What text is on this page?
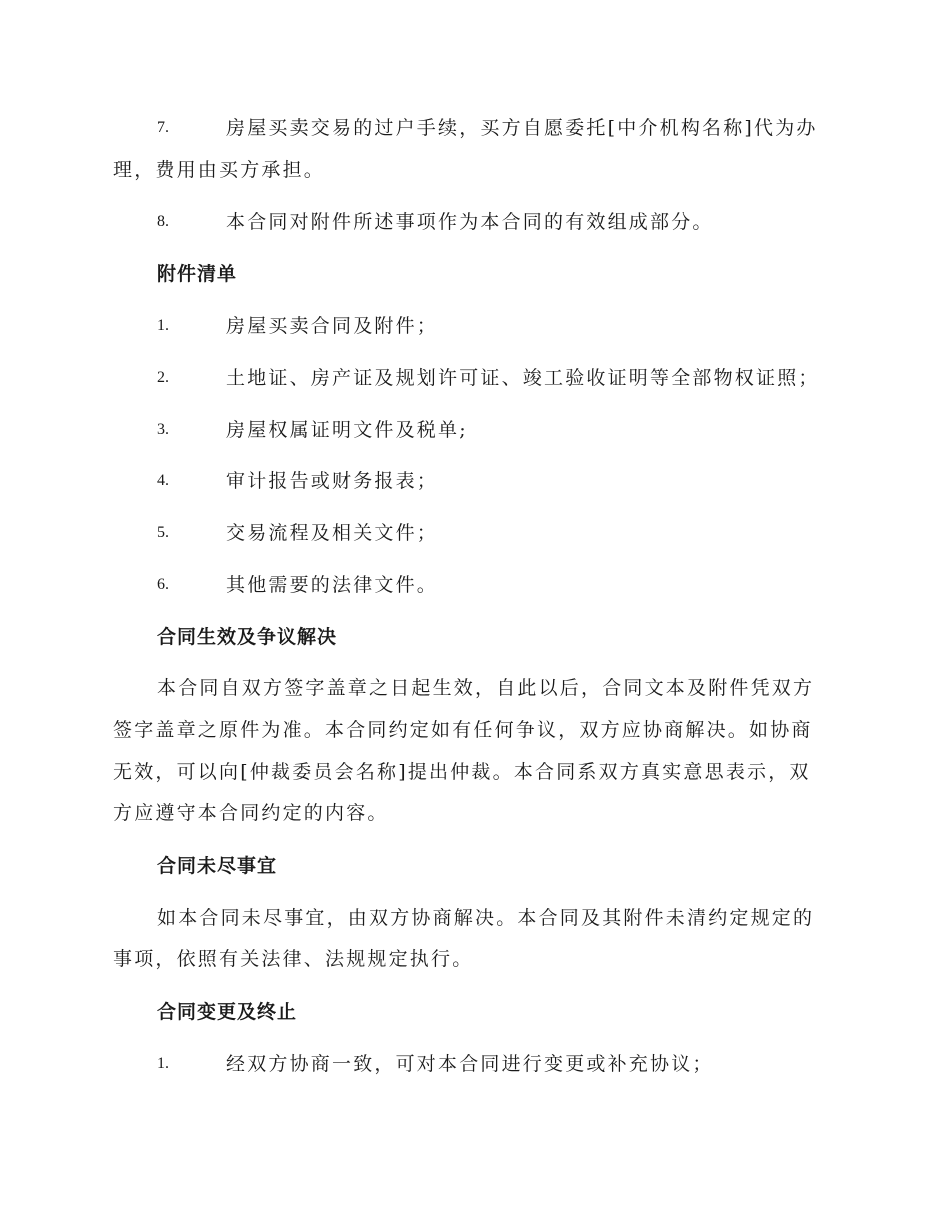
7.	房屋买卖交易的过户手续，买方自愿委托[中介机构名称]代为办
理，费用由买方承担。
8.	本合同对附件所述事项作为本合同的有效组成部分。
附件清单
1.	房屋买卖合同及附件；
2.	土地证、房产证及规划许可证、竣工验收证明等全部物权证照；
3.	房屋权属证明文件及税单;
4.	审计报告或财务报表；
5.	交易流程及相关文件；
6.	其他需要的法律文件。
合同生效及争议解决
本合同自双方签字盖章之日起生效，自此以后，合同文本及附件凭双方
签字盖章之原件为准。本合同约定如有任何争议，双方应协商解决。如协商
无效，可以向[仲裁委员会名称]提出仲裁。本合同系双方真实意思表示，双
方应遵守本合同约定的内容。
合同未尽事宜
如本合同未尽事宜，由双方协商解决。本合同及其附件未清约定规定的
事项，依照有关法律、法规规定执行。
合同变更及终止
1.	经双方协商一致，可对本合同进行变更或补充协议；
